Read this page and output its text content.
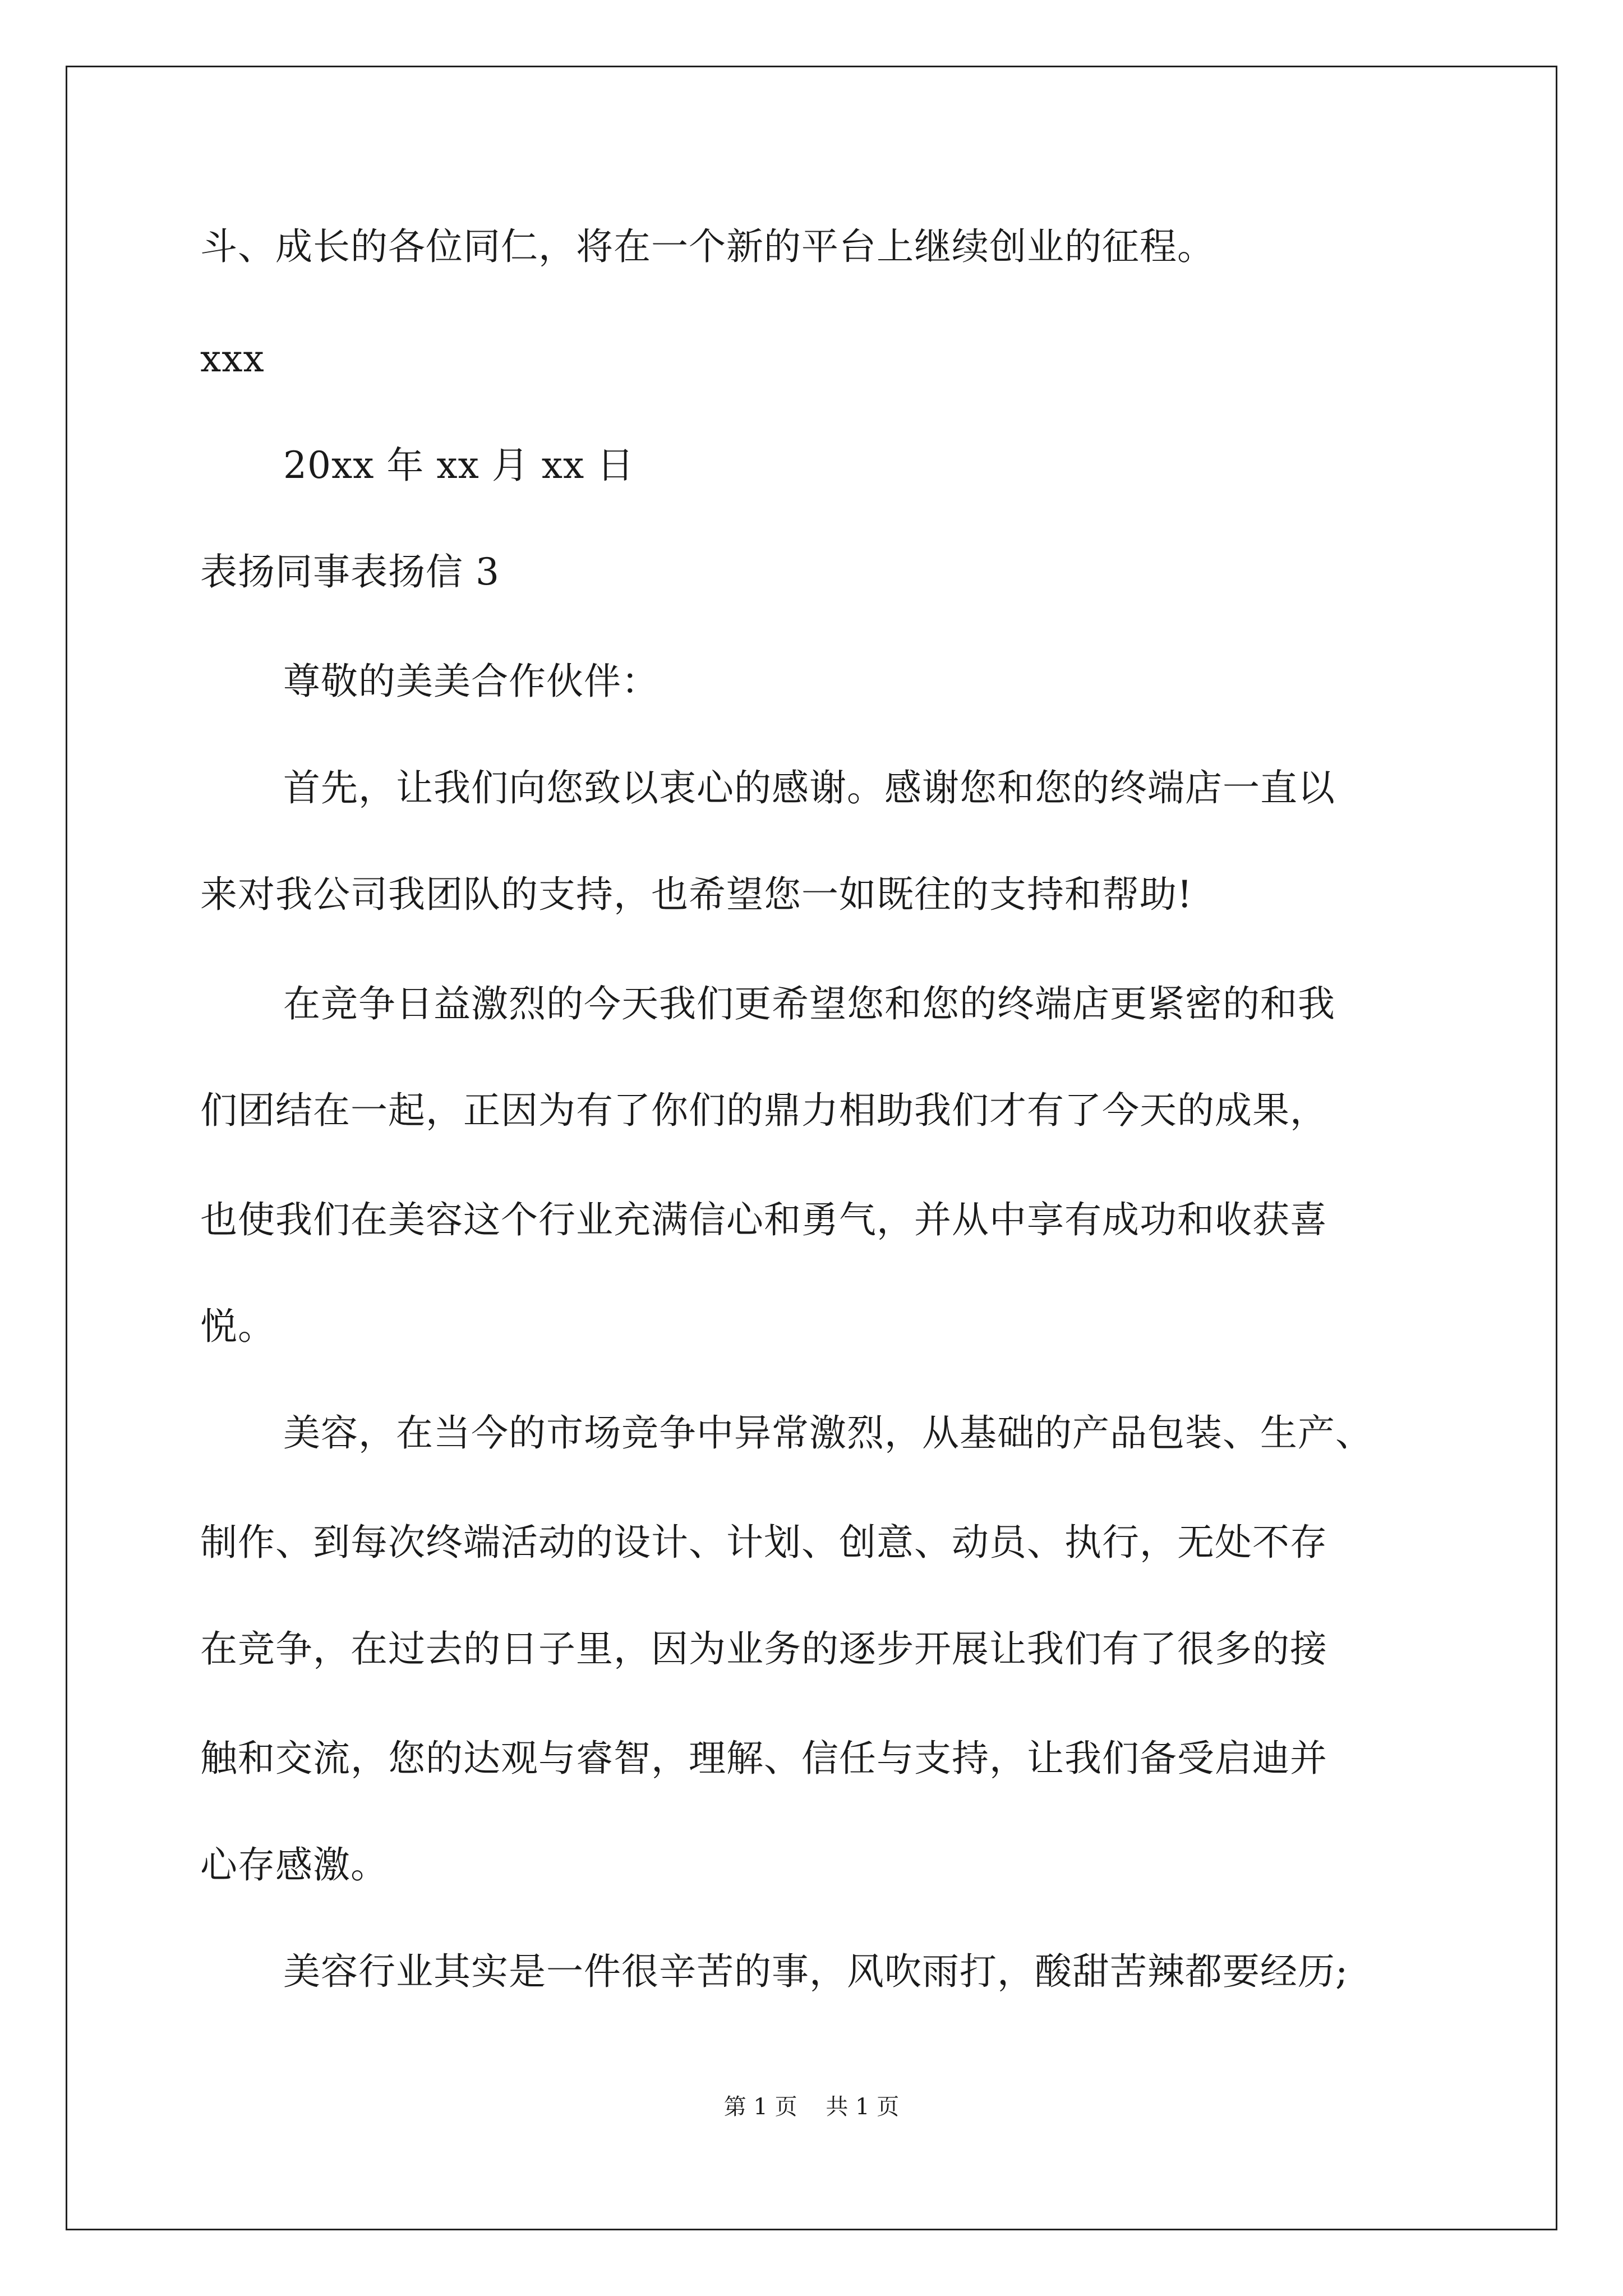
斗、成长的各位同仁，将在一个新的平台上继续创业的征程。
xxx
20xx 年 xx 月 xx 日
表扬同事表扬信 3
尊敬的美美合作伙伴：
首先，让我们向您致以衷心的感谢。感谢您和您的终端店一直以
来对我公司我团队的支持，也希望您一如既往的支持和帮助!
在竞争日益激烈的今天我们更希望您和您的终端店更紧密的和我
们团结在一起，正因为有了你们的鼎力相助我们才有了今天的成果，
也使我们在美容这个行业充满信心和勇气，并从中享有成功和收获喜
悦。
美容，在当今的市场竞争中异常激烈，从基础的产品包装、生产、
制作、到每次终端活动的设计、计划、创意、动员、执行，无处不存
在竞争，在过去的日子里，因为业务的逐步开展让我们有了很多的接
触和交流，您的达观与睿智，理解、信任与支持，让我们备受启迪并
心存感激。
美容行业其实是一件很辛苦的事，风吹雨打，酸甜苦辣都要经历;
第 1 页    共 1 页
